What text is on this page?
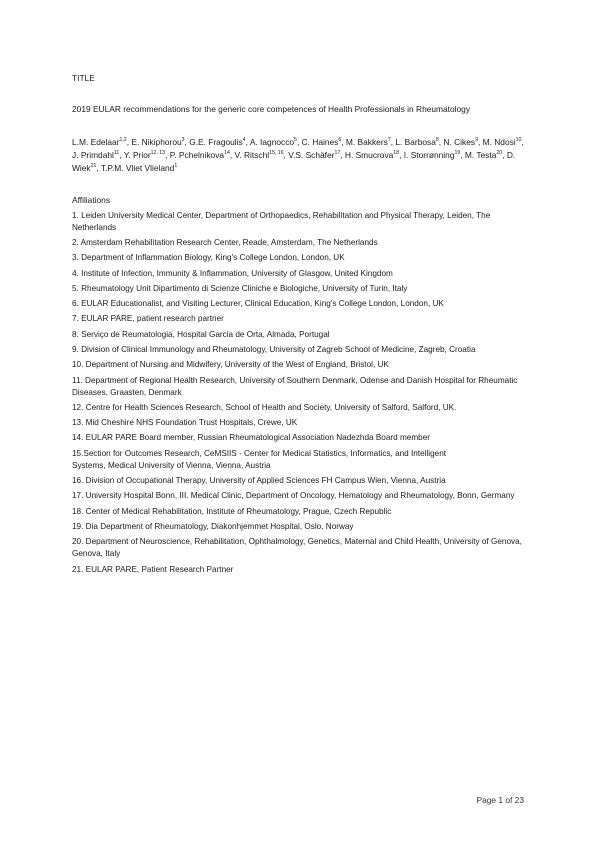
TITLE

2019 EULAR recommendations for the generic core competences of Health Professionals in Rheumatology

L.M. Edelaar$^{1,2}$, E. Nikiphorou$^3$, G.E. Fragoulis$^4$, A. Iagnocco$^5$, C. Haines$^6$, M. Bakkers$^7$, L. Barbosa$^8$, N. Cikes$^9$, M. Ndosi$^{10}$, J. Primdahl$^{11}$, Y. Prior$^{12, 13}$, P. Pchelnikova$^{14}$, V. Ritschl$^{15, 16}$, V.S. Schäfer$^{17}$, H. Smucrova$^{18}$, I. Storrønning$^{19}$, M. Testa$^{20}$, D. Wiek$^{21}$, T.P.M. Vliet Vlieland$^1$

Affiliations

1. Leiden University Medical Center, Department of Orthopaedics, Rehabilitation and Physical Therapy, Leiden, The Netherlands
2. Amsterdam Rehabilitation Research Center, Reade, Amsterdam, The Netherlands
3. Department of Inflammation Biology, King's College London, London, UK
4. Institute of Infection, Immunity & Inflammation, University of Glasgow, United Kingdom
5. Rheumatology Unit Dipartimento di Scienze Cliniche e Biologiche, University of Turin, Italy
6. EULAR Educationalist, and Visiting Lecturer, Clinical Education, King's College London, London, UK
7. EULAR PARE, patient research partner
8. Serviço de Reumatologia, Hospital Garcia de Orta, Almada, Portugal
9. Division of Clinical Immunology and Rheumatology, University of Zagreb School of Medicine, Zagreb, Croatia
10. Department of Nursing and Midwifery, University of the West of England, Bristol, UK
11. Department of Regional Health Research, University of Southern Denmark, Odense and Danish Hospital for Rheumatic Diseases, Graasten, Denmark
12. Centre for Health Sciences Research, School of Health and Society, University of Salford, Salford, UK.
13. Mid Cheshire NHS Foundation Trust Hospitals, Crewe, UK
14. EULAR PARE Board member, Russian Rheumatological Association Nadezhda Board member
15.Section for Outcomes Research, CeMSIIS - Center for Medical Statistics, Informatics, and Intelligent
Systems, Medical University of Vienna, Vienna, Austria
16. Division of Occupational Therapy, University of Applied Sciences FH Campus Wien, Vienna, Austria
17. University Hospital Bonn, III. Medical Clinic, Department of Oncology, Hematology and Rheumatology, Bonn, Germany
18. Center of Medical Rehabilitation, Institute of Rheumatology, Prague, Czech Republic
19. Dia Department of Rheumatology, Diakonhjemmet Hospital, Oslo, Norway
20. Department of Neuroscience, Rehabilitation, Ophthalmology, Genetics, Maternal and Child Health, University of Genova, Genova, Italy
21. EULAR PARE, Patient Research Partner
Page 1 of 23
